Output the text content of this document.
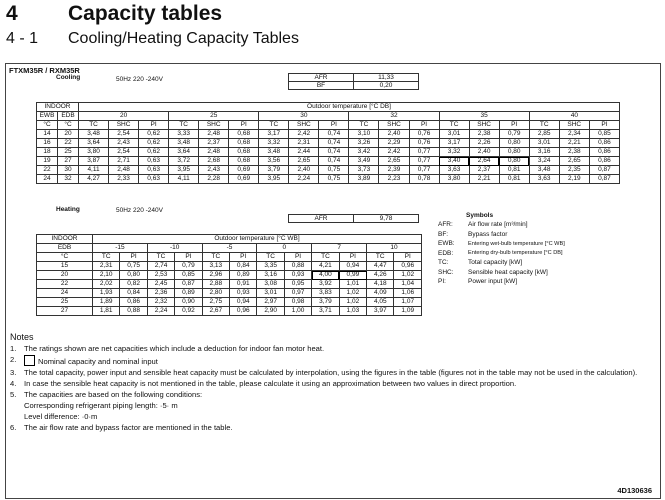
4	Capacity tables
4 - 1	Cooling/Heating Capacity Tables
FTXM35R / RXM35R
Cooling	50Hz 220 -240V	AFR	11,33
BF	0,20
INDOOR		Outdoor temperature [°C DB]																	
EWB	EDB	20			25			30			32			35			40		
°C	°C	TC	SHC	PI	TC	SHC	PI	TC	SHC	PI	TC	SHC	PI	TC	SHC	PI	TC	SHC	PI
14	20	3,48	2,54	0,62	3,33	2,48	0,68	3,17	2,42	0,74	3,10	2,40	0,76	3,01	2,38	0,79	2,85	2,34	0,85
16	22	3,64	2,43	0,62	3,48	2,37	0,68	3,32	2,31	0,74	3,26	2,29	0,76	3,17	2,26	0,80	3,01	2,21	0,86
18	25	3,80	2,54	0,62	3,64	2,48	0,68	3,48	2,44	0,74	3,42	2,42	0,77	3,32	2,40	0,80	3,16	2,38	0,86
19	27	3,87	2,71	0,63	3,72	2,68	0,68	3,56	2,65	0,74	3,49	2,65	0,77	3,40	2,64	0,80	3,24	2,65	0,86
22	30	4,11	2,48	0,63	3,95	2,43	0,69	3,79	2,40	0,75	3,73	2,39	0,77	3,63	2,37	0,81	3,48	2,35	0,87
24	32	4,27	2,33	0,63	4,11	2,28	0,69	3,95	2,24	0,75	3,89	2,23	0,78	3,80	2,21	0,81	3,63	2,19	0,87
Heating	50Hz 220 -240V
AFR	9,78
INDOOR	Outdoor temperature [°C WB]											
EDB	-15		-10		-5		0		7		10	
°C	TC	PI	TC	PI	TC	PI	TC	PI	TC	PI	TC	PI
15	2,31	0,75	2,74	0,79	3,13	0,84	3,35	0,88	4,21	0,94	4,47	0,96
20	2,10	0,80	2,53	0,85	2,96	0,89	3,16	0,93	4,00	0,99	4,26	1,02
22	2,02	0,82	2,45	0,87	2,88	0,91	3,08	0,95	3,92	1,01	4,18	1,04
24	1,93	0,84	2,36	0,89	2,80	0,93	3,01	0,97	3,83	1,02	4,09	1,06
25	1,89	0,86	2,32	0,90	2,75	0,94	2,97	0,98	3,79	1,02	4,05	1,07
27	1,81	0,88	2,24	0,92	2,67	0,96	2,90	1,00	3,71	1,03	3,97	1,09
Symbols
AFR:	Air flow rate [m³/min]
BF:	Bypass factor
EWB:	Entering wet-bulb temperature [°C WB]
EDB:	Entering dry-bulb temperature [°C DB]
TC:	Total capacity [kW]
SHC:	Sensible heat capacity [kW]
PI:	Power input [kW]
Notes
1.	The ratings shown are net capacities which include a deduction for indoor fan motor heat.
2.	Nominal capacity and nominal input
3.	The total capacity, power input and sensible heat capacity must be calculated by interpolation, using the figures in the table (figures not in the table may not be used in the calculation).
4.	In case the sensible heat capacity is not mentioned in the table, please calculate it using an approximation between two values in direct proportion.
5.	The capacities are based on the following conditions:
Corresponding refrigerant piping length: ·5· m
Level difference: ·0·m
6.	The air flow rate and bypass factor are mentioned in the table.
4D130636
